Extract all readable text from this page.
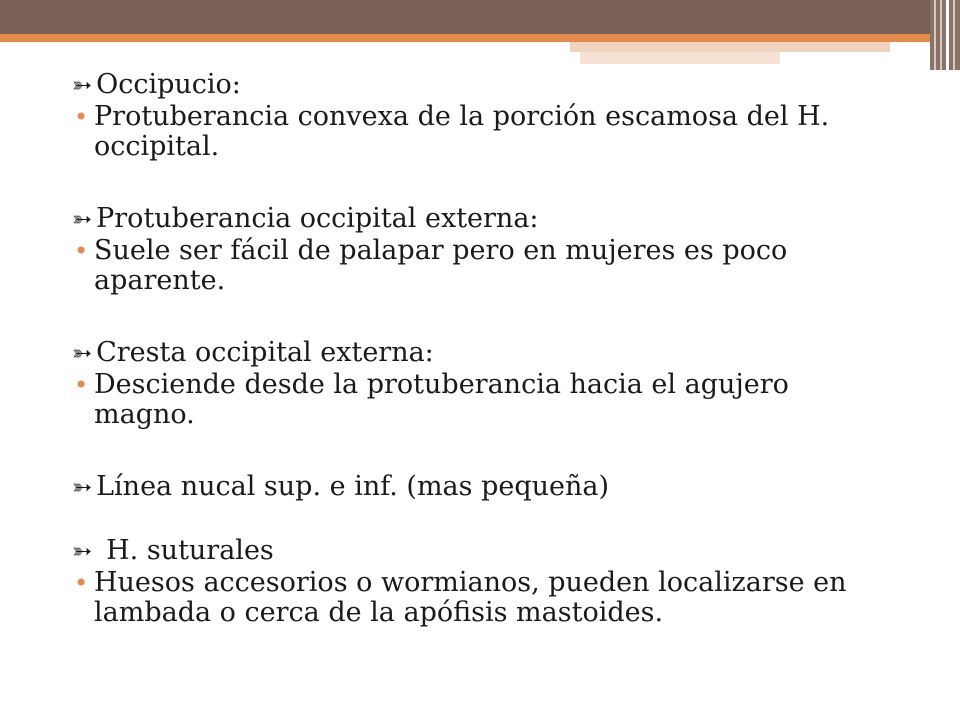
➳ Occipucio:

• Protuberancia convexa de la porción escamosa del H. occipital.

➳ Protuberancia occipital externa:

• Suele ser fácil de palapar pero en mujeres es poco aparente.

➳ Cresta occipital externa:

• Desciende desde la protuberancia hacia el agujero magno.

➳ Línea nucal sup. e inf. (mas pequeña)

➳ H. suturales

• Huesos accesorios o wormianos, pueden localizarse en lambada o cerca de la apófisis mastoides.
